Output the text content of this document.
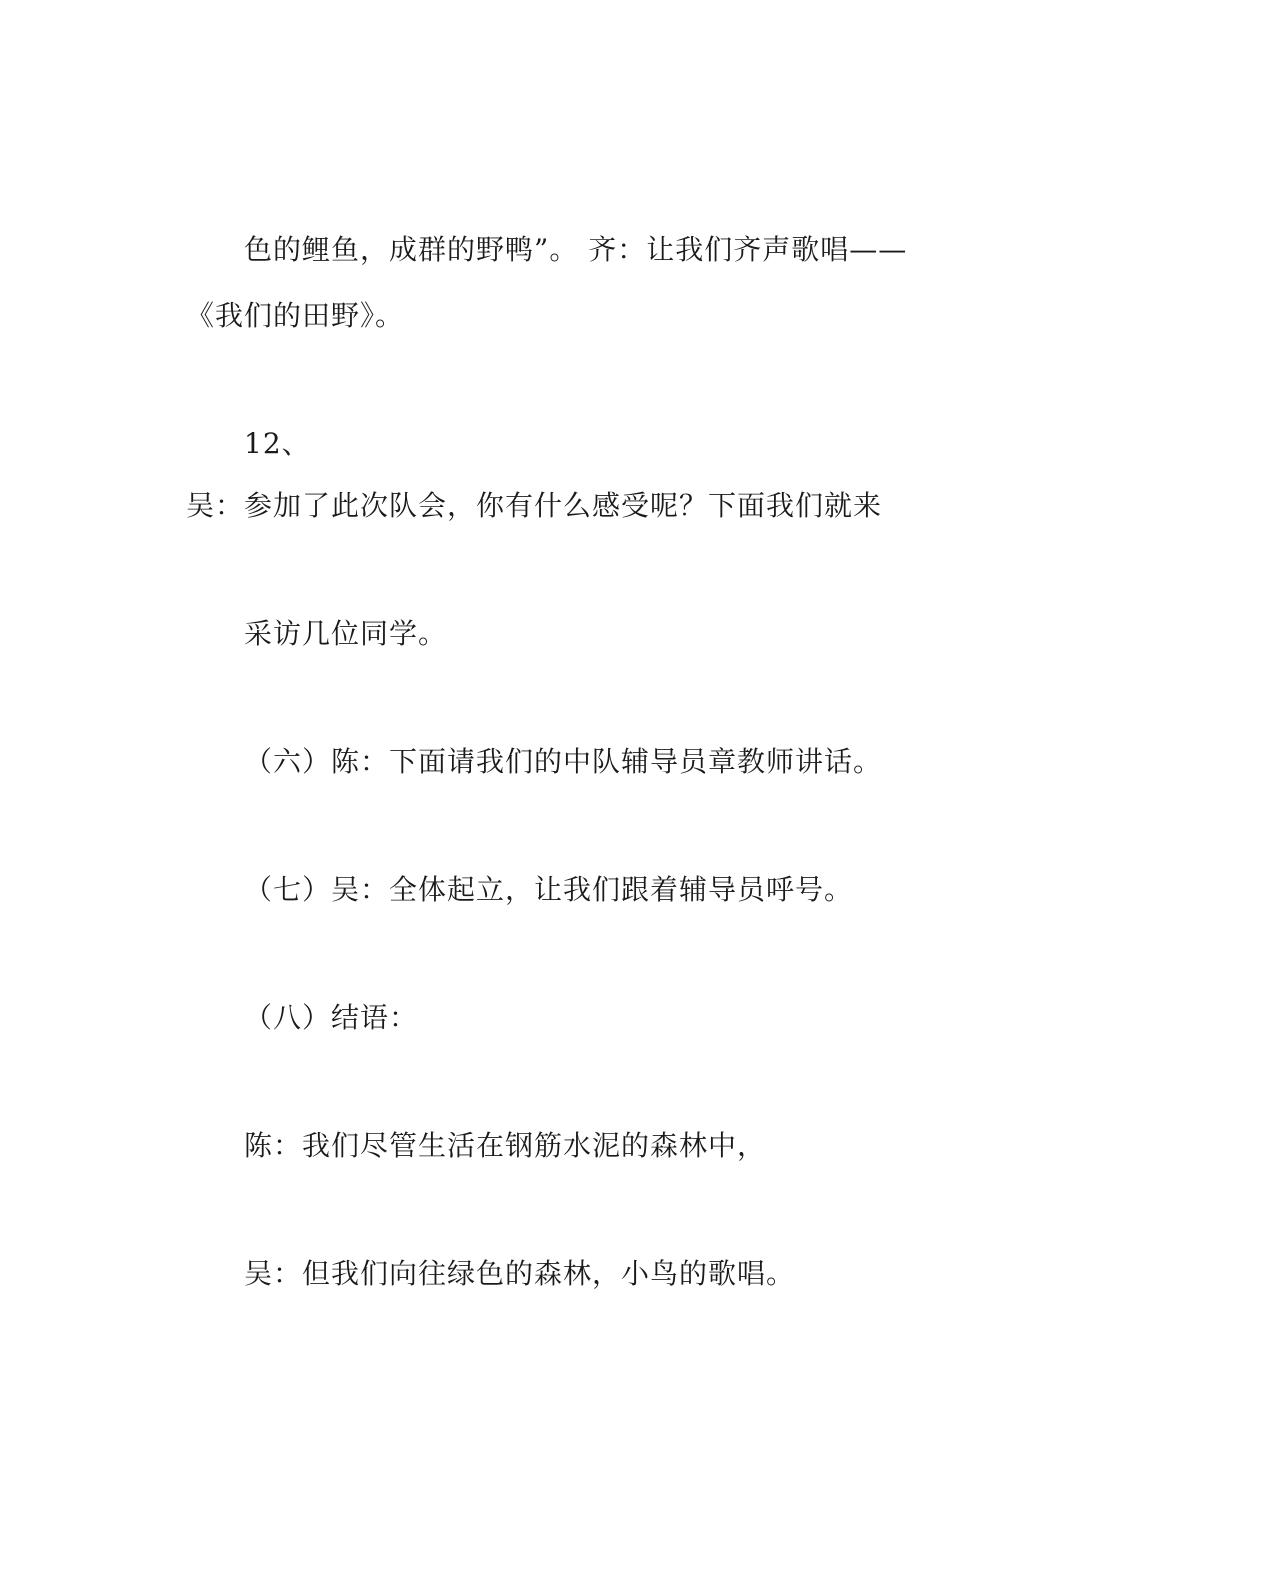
色的鲤鱼，成群的野鸭”。 齐：让我们齐声歌唱——
《我们的田野》。
12、
吴：参加了此次队会，你有什么感受呢？下面我们就来
采访几位同学。
（六）陈：下面请我们的中队辅导员章教师讲话。
（七）吴：全体起立，让我们跟着辅导员呼号。
（八）结语：
陈：我们尽管生活在钢筋水泥的森林中，
吴：但我们向往绿色的森林，小鸟的歌唱。
